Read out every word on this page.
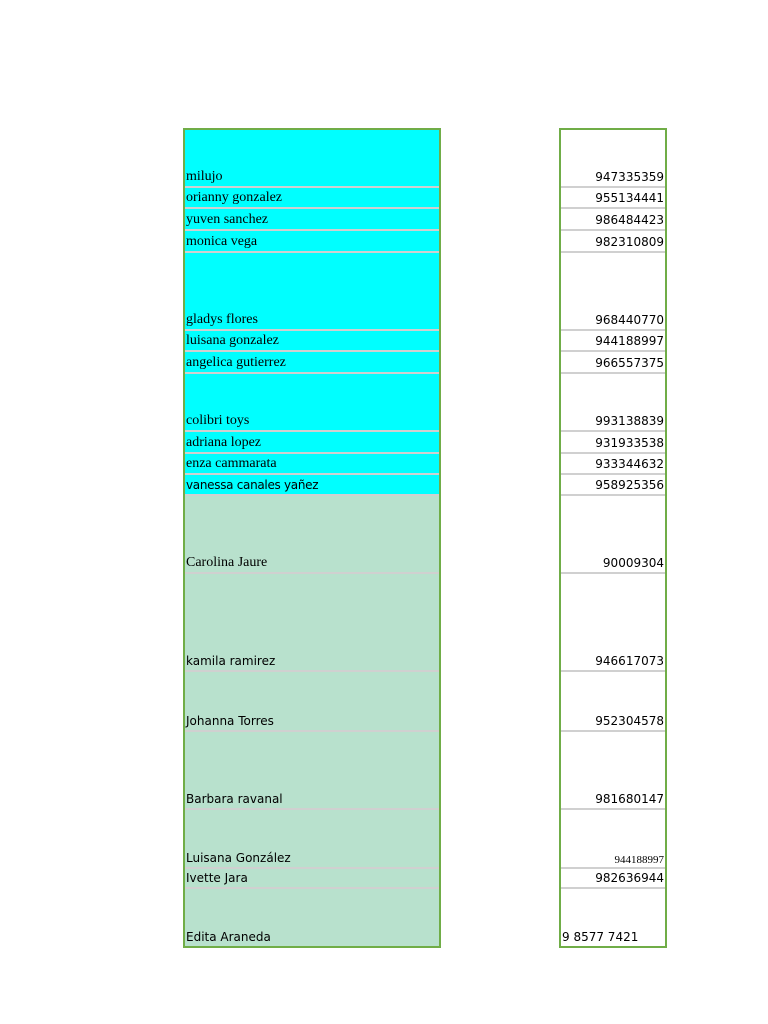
milujo
orianny gonzalez
yuven sanchez
monica vega
gladys flores
luisana gonzalez
angelica gutierrez
colibri toys
adriana lopez
enza cammarata
vanessa canales yañez
Carolina Jaure
kamila ramirez
Johanna Torres
Barbara ravanal
Luisana González
Ivette Jara
Edita Araneda
947335359
955134441
986484423
982310809
968440770
944188997
966557375
993138839
931933538
933344632
958925356
90009304
946617073
952304578
981680147
944188997
982636944
9 8577 7421
